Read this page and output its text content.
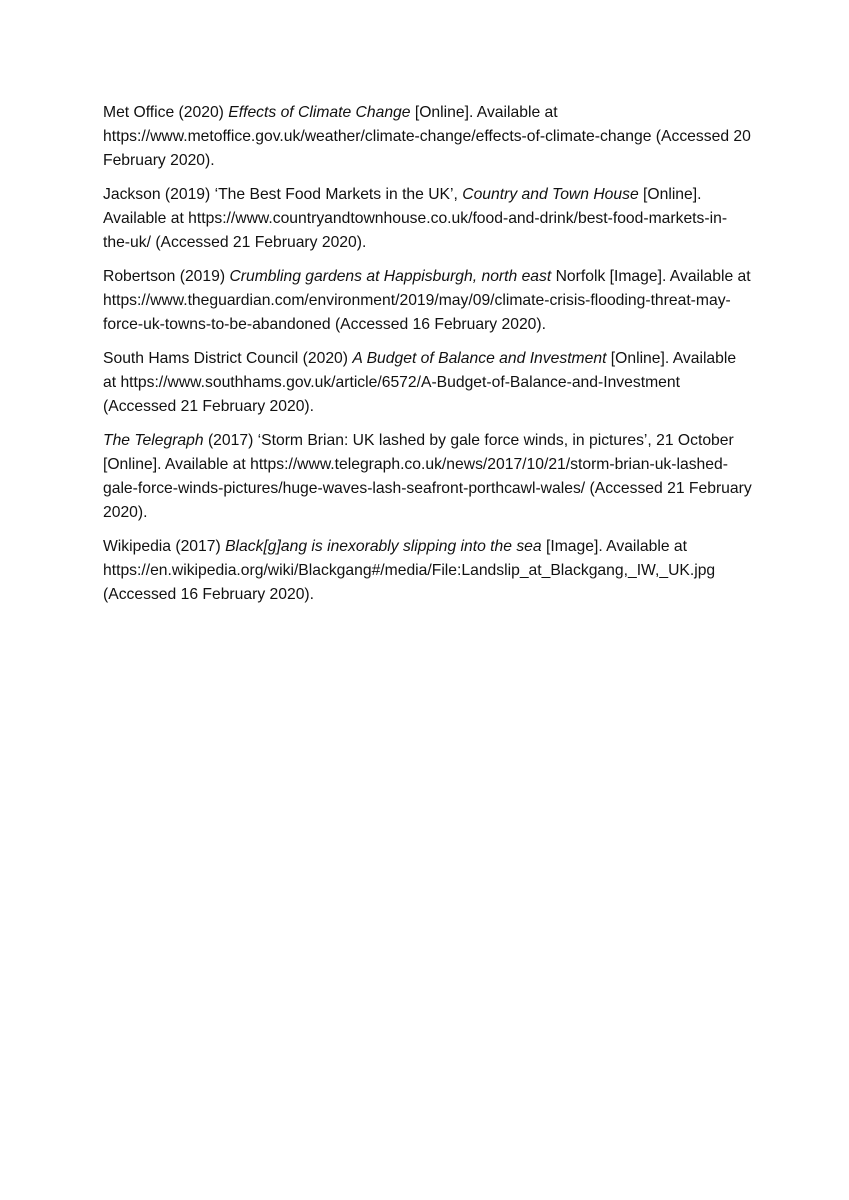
Met Office (2020) Effects of Climate Change [Online]. Available at https://www.metoffice.gov.uk/weather/climate-change/effects-of-climate-change (Accessed 20 February 2020).
Jackson (2019) ‘The Best Food Markets in the UK’, Country and Town House [Online]. Available at https://www.countryandtownhouse.co.uk/food-and-drink/best-food-markets-in-the-uk/ (Accessed 21 February 2020).
Robertson (2019) Crumbling gardens at Happisburgh, north east Norfolk [Image]. Available at https://www.theguardian.com/environment/2019/may/09/climate-crisis-flooding-threat-may-force-uk-towns-to-be-abandoned (Accessed 16 February 2020).
South Hams District Council (2020) A Budget of Balance and Investment [Online]. Available at https://www.southhams.gov.uk/article/6572/A-Budget-of-Balance-and-Investment (Accessed 21 February 2020).
The Telegraph (2017) ‘Storm Brian: UK lashed by gale force winds, in pictures’, 21 October [Online]. Available at https://www.telegraph.co.uk/news/2017/10/21/storm-brian-uk-lashed-gale-force-winds-pictures/huge-waves-lash-seafront-porthcawl-wales/ (Accessed 21 February 2020).
Wikipedia (2017) Black[g]ang is inexorably slipping into the sea [Image]. Available at https://en.wikipedia.org/wiki/Blackgang#/media/File:Landslip_at_Blackgang,_IW,_UK.jpg (Accessed 16 February 2020).
